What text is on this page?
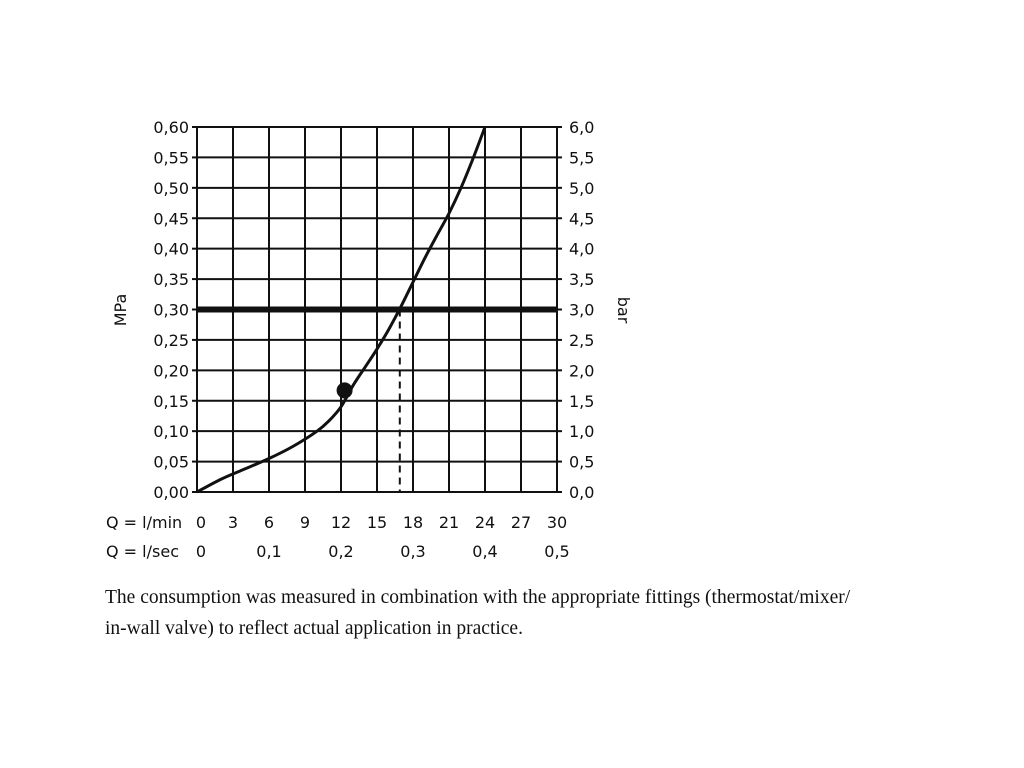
0,00
0,05
0,10
0,15
0,20
0,25
0,30
0,35
0,40
0,45
0,50
0,55
0,60
0,0
0,5
1,0
1,5
2,0
2,5
3,0
3,5
4,0
4,5
5,0
5,5
6,0
0 3 6 9 12 15 18 21 24 27 30
0	0,1	0,2	0,3	0,4	0,5
MPa	bar
Q = l/min
Q = l/sec
The consumption was measured in combination with the appropriate fittings (thermostat/mixer/
in-wall valve) to reflect actual application in practice.
